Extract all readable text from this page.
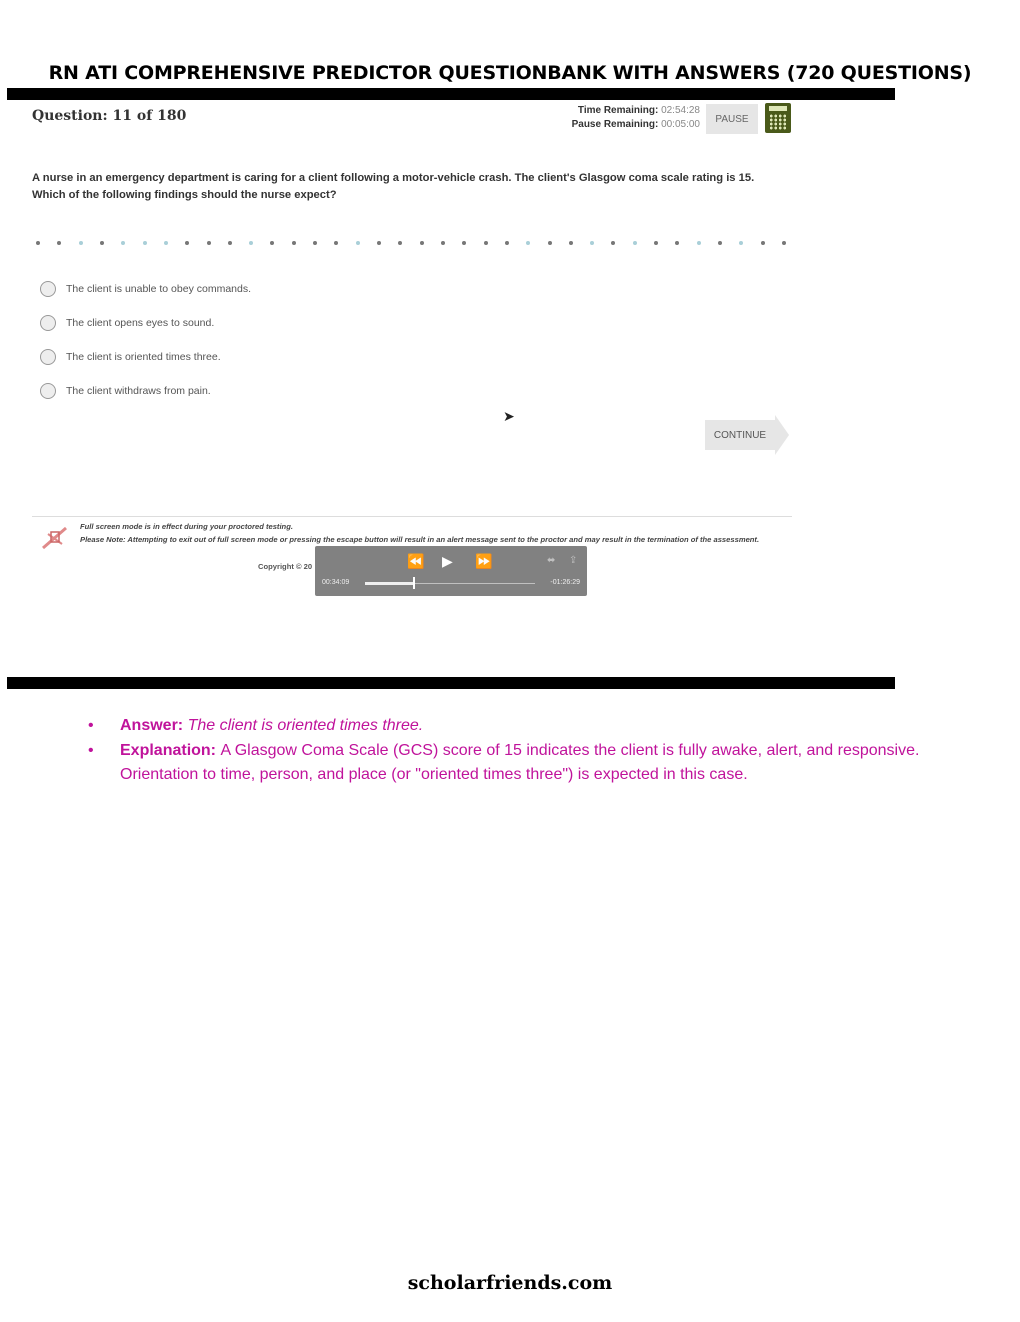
RN ATI COMPREHENSIVE PREDICTOR QUESTIONBANK WITH ANSWERS (720 QUESTIONS)
Question: 11 of 180	Time Remaining: 02:54:28
Pause Remaining: 00:05:00	PAUSE
A nurse in an emergency department is caring for a client following a motor-vehicle crash. The client's Glasgow coma scale rating is 15. Which of the following findings should the nurse expect?
The client is unable to obey commands.
The client opens eyes to sound.
The client is oriented times three.
The client withdraws from pain.
➤
CONTINUE
Full screen mode is in effect during your proctored testing.
Please Note: Attempting to exit out of full screen mode or pressing the escape button will result in an alert message sent to the proctor and may result in the termination of the assessment.
Copyright © 20	⏪ ▶ ⏩	⬌ ⇪
00:34:09	-01:26:29
• Answer: The client is oriented times three.
• Explanation: A Glasgow Coma Scale (GCS) score of 15 indicates the client is fully awake, alert, and responsive. Orientation to time, person, and place (or "oriented times three") is expected in this case.
scholarfriends.com
